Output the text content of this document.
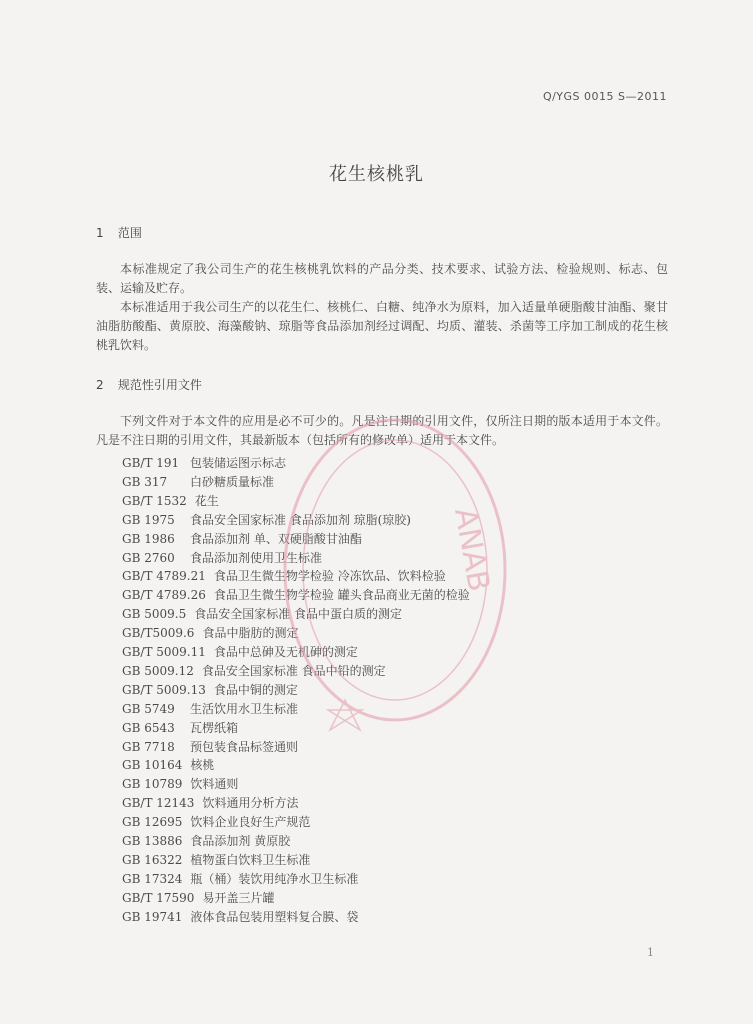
Q/YGS 0015 S—2011
花生核桃乳
1 范围
本标准规定了我公司生产的花生核桃乳饮料的产品分类、技术要求、试验方法、检验规则、标志、包装、运输及贮存。
本标准适用于我公司生产的以花生仁、核桃仁、白糖、纯净水为原料，加入适量单硬脂酸甘油酯、聚甘油脂肪酸酯、黄原胶、海藻酸钠、琼脂等食品添加剂经过调配、均质、灌装、杀菌等工序加工制成的花生核桃乳饮料。
2 规范性引用文件
下列文件对于本文件的应用是必不可少的。凡是注日期的引用文件，仅所注日期的版本适用于本文件。凡是不注日期的引用文件，其最新版本（包括所有的修改单）适用于本文件。
GB/T 191 包装储运图示标志
GB 317 白砂糖质量标准
GB/T 1532 花生
GB 1975 食品安全国家标准 食品添加剂 琼脂(琼胶)
GB 1986 食品添加剂 单、双硬脂酸甘油酯
GB 2760 食品添加剂使用卫生标准
GB/T 4789.21 食品卫生微生物学检验 冷冻饮品、饮料检验
GB/T 4789.26 食品卫生微生物学检验 罐头食品商业无菌的检验
GB 5009.5 食品安全国家标准 食品中蛋白质的测定
GB/T5009.6 食品中脂肪的测定
GB/T 5009.11 食品中总砷及无机砷的测定
GB 5009.12 食品安全国家标准 食品中铅的测定
GB/T 5009.13 食品中铜的测定
GB 5749 生活饮用水卫生标准
GB 6543 瓦楞纸箱
GB 7718 预包装食品标签通则
GB 10164 核桃
GB 10789 饮料通则
GB/T 12143 饮料通用分析方法
GB 12695 饮料企业良好生产规范
GB 13886 食品添加剂 黄原胶
GB 16322 植物蛋白饮料卫生标准
GB 17324 瓶（桶）装饮用纯净水卫生标准
GB/T 17590 易开盖三片罐
GB 19741 液体食品包装用塑料复合膜、袋
ANAB
1
